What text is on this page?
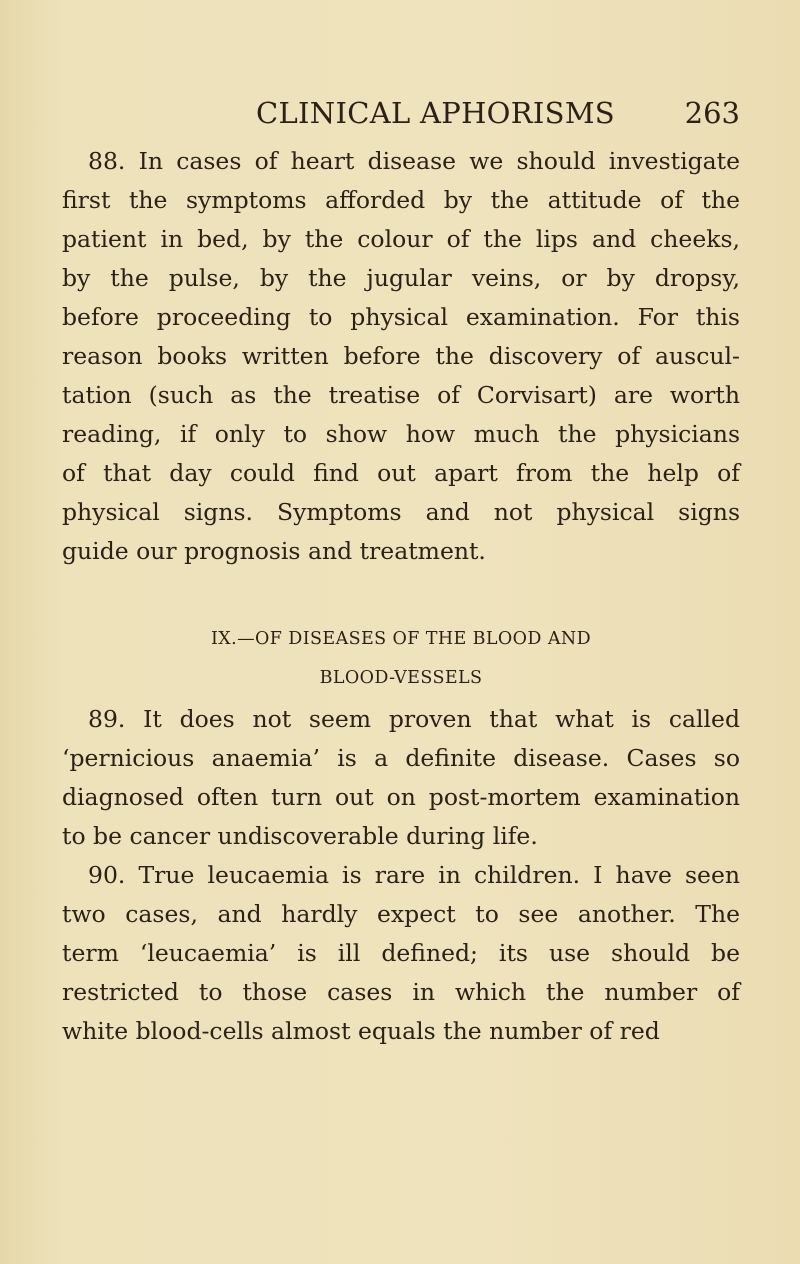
CLINICAL APHORISMS 263

88. In cases of heart disease we should investigate

first the symptoms afforded by the attitude of the

patient in bed, by the colour of the lips and cheeks,

by the pulse, by the jugular veins, or by dropsy,

before proceeding to physical examination. For this

reason books written before the discovery of auscul-

tation (such as the treatise of Corvisart) are worth

reading, if only to show how much the physicians

of that day could find out apart from the help of

physical signs. Symptoms and not physical signs

guide our prognosis and treatment.

IX.—OF DISEASES OF THE BLOOD AND

BLOOD-VESSELS

89. It does not seem proven that what is called

‘pernicious anaemia’ is a definite disease. Cases so

diagnosed often turn out on post-mortem examination

to be cancer undiscoverable during life.

90. True leucaemia is rare in children. I have seen

two cases, and hardly expect to see another. The

term ‘leucaemia’ is ill defined; its use should be

restricted to those cases in which the number of

white blood-cells almost equals the number of red
